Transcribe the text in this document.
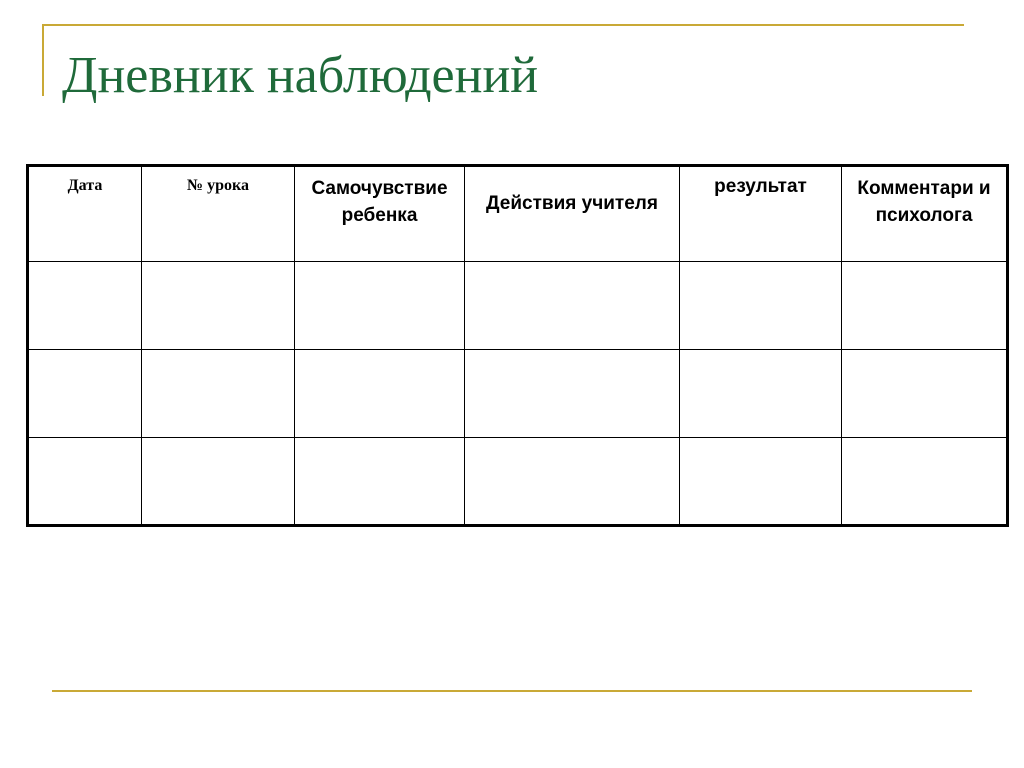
Дневник наблюдений
Дата	№ урока	Самочувствие ребенка	Действия учителя	результат	Комментари и психолога
